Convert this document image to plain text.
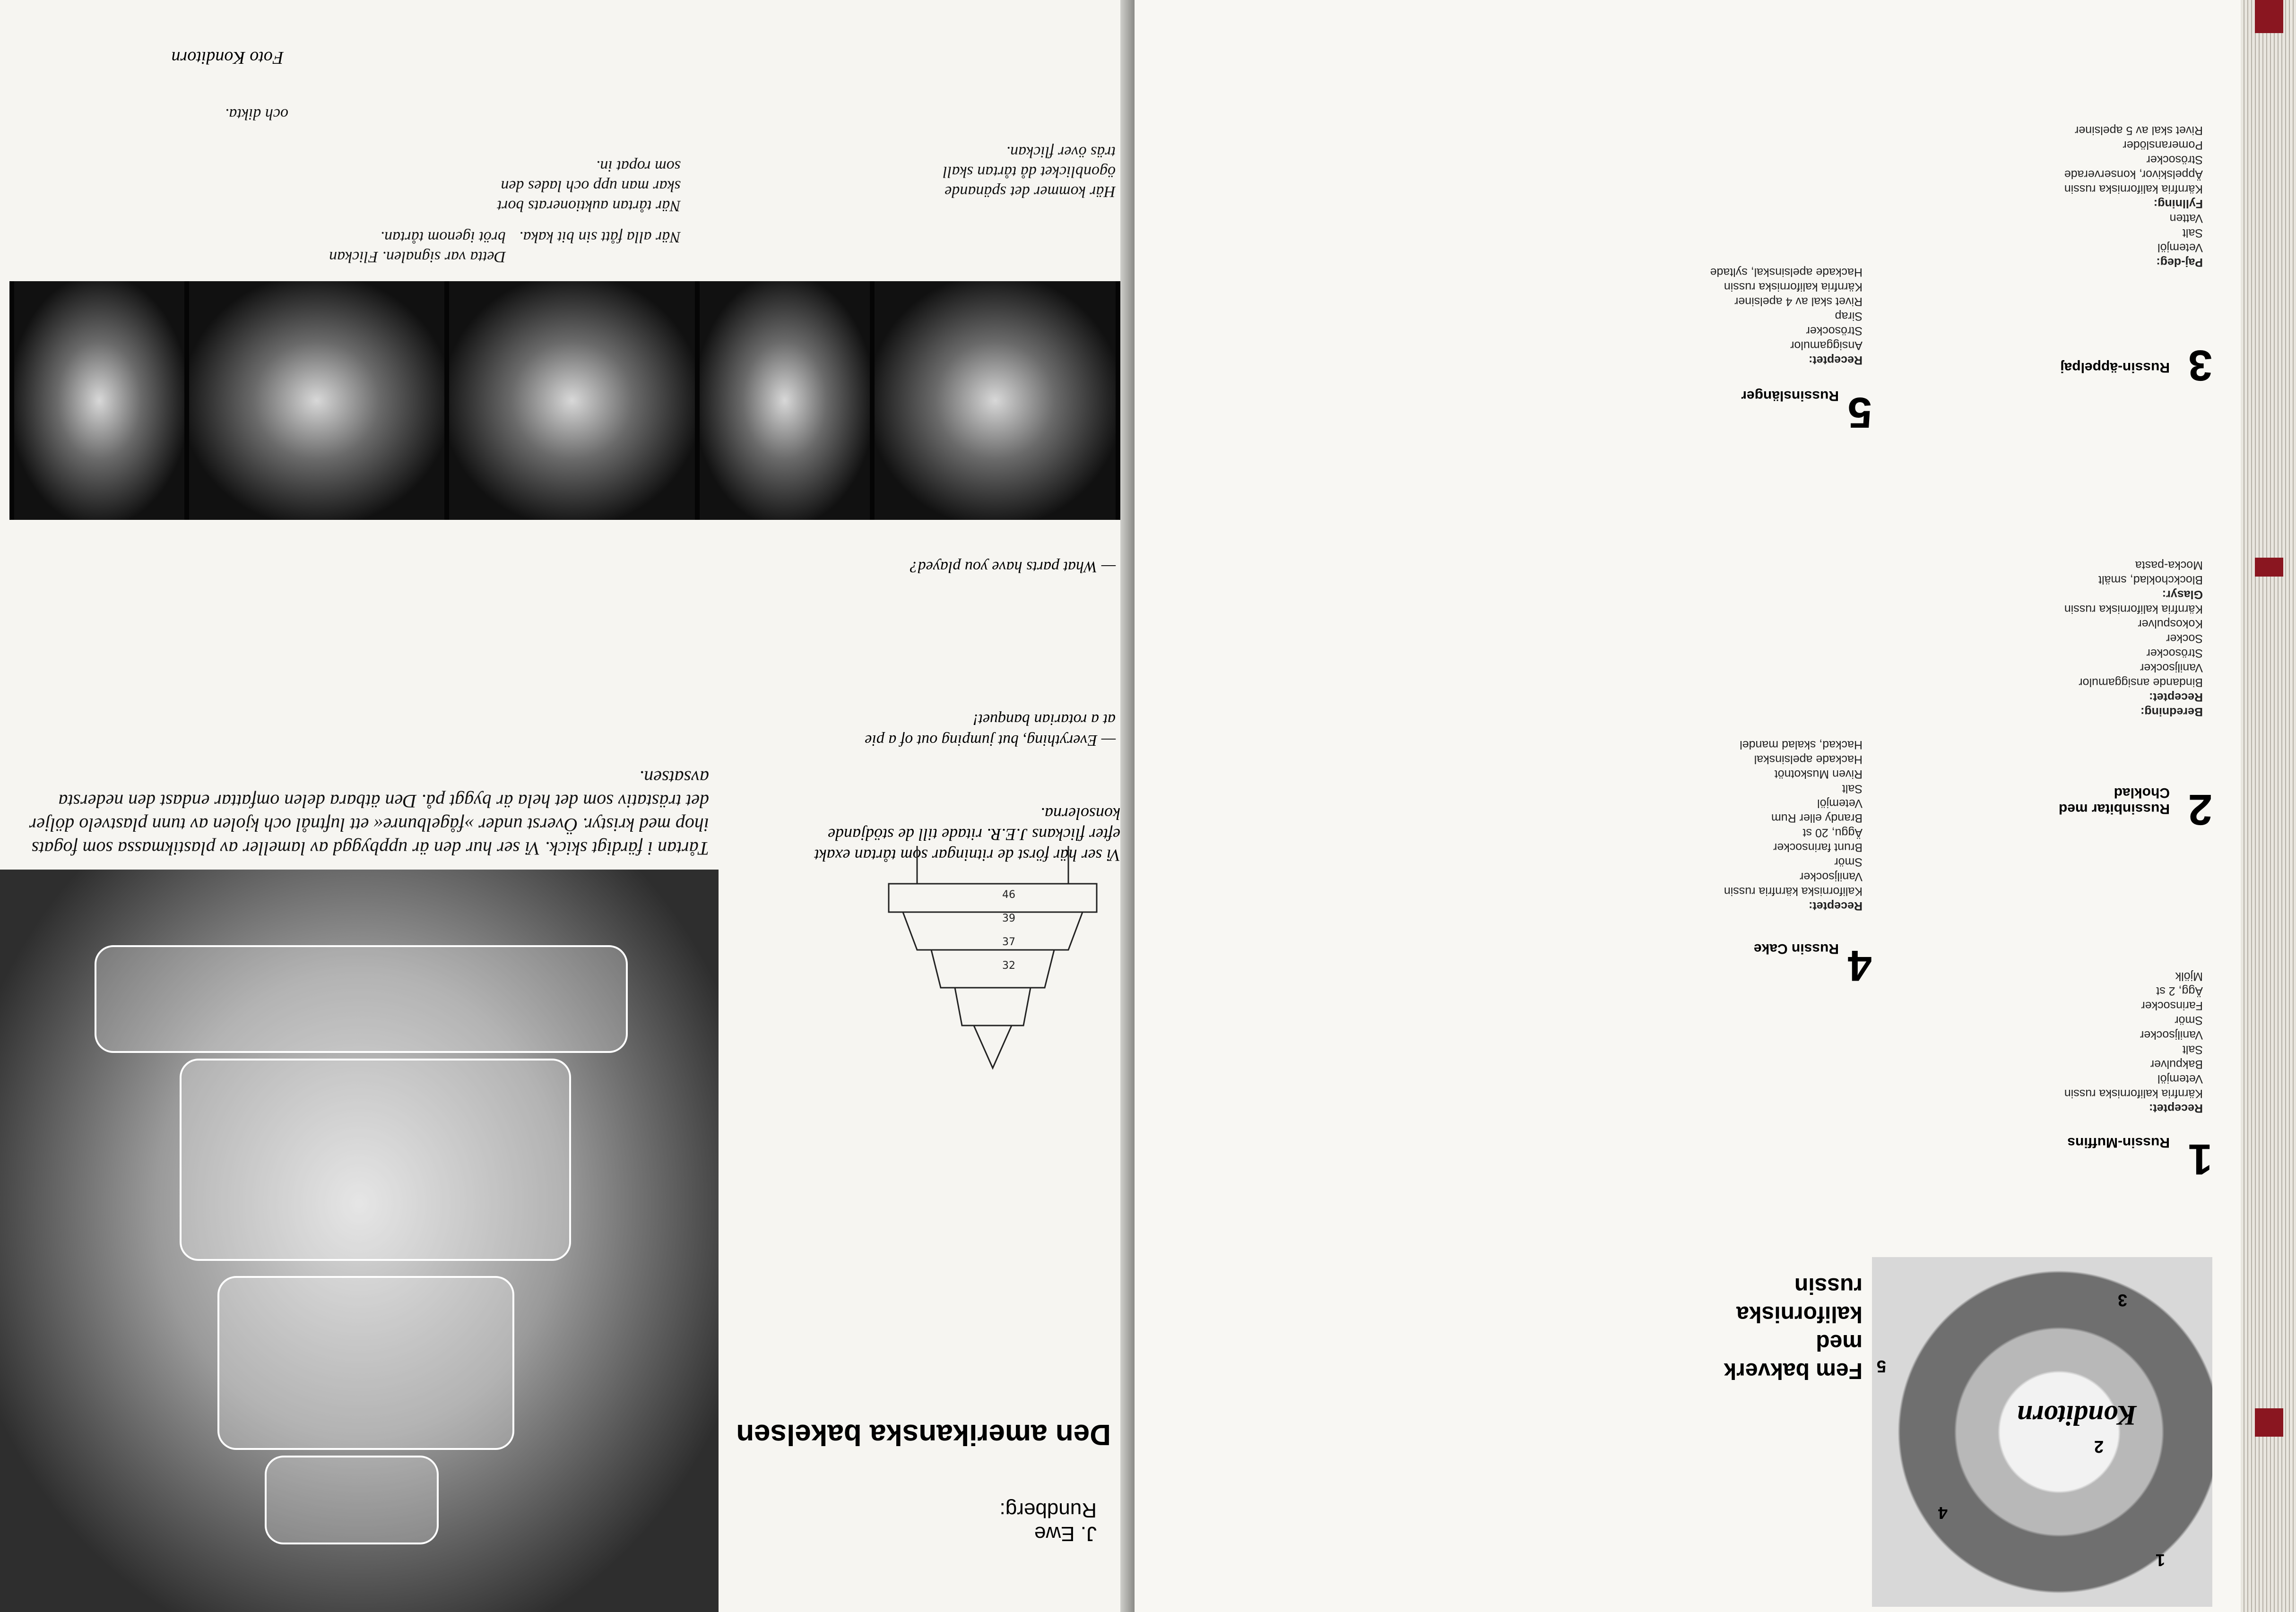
Tårtan i färdigt skick. Vi ser hur den är uppbyggd av lameller av plastikmassa som fogats ihop med kristyr. Överst under »fågelbunre« ett luftnål och kjolen av tunn plastvelo döljer det trästativ som det hela är byggt på. Den ätbara delen omfattar endast den nedersta avsatsen.
Den amerikanska bakelsen
J. Ewe Rundberg:
Vi ser här först de ritningar som tårtan exakt efter flickans J.E.R. ritade till de stödjande konsolerna.
46
39
37
32
Här kommer det spänande ögonblicket då tårtan skall träs över flickan.
När tårtan auktionerats bort skar man upp och lades den som ropat in.
När alla fått sin bit kaka.
Detta var signalen. Flickan bröt igenom tårtan.
och dikta.
Foto Konditorn
— What parts have you played?
— Everything, but jumping out of a pie at a rotarian banquet!
Konditorn
1
2
3
4
5
Fem bakverk med kaliforniska russin
1
Russin-Muffins

Receptet:

Kärnfria kaliforniska russin

Vetemjöl

Bakpulver

Salt

Vaniljsocker

Smör

Farinsocker

Ägg, 2 st

Mjölk

2
Russinbitar med Choklad

Beredning:

Receptet:

Bindande ansiggamulor

Vaniljsocker

Strösocker

Socker

Kokospulver

Kärnfria kaliforniska russin

Glasyr:

Blockchoklad, smält

Mocka-pasta

3
Russin-äppelpaj

Paj-deg:

Vetemjöl

Salt

Vatten

Fyllning:

Kärnfria kaliforniska russin

Äppelskivor, konserverade

Strösocker

Pomeranslöder

Rivet skal av 5 apelsiner

4
Russin Cake

Receptet:

Kaliforniska kärnfria russin

Vaniljsocker

Smör

Brunt farinsocker

Äggu, 20 st

Brandy eller Rum

Vetemjöl

Salt

Riven Muskotnöt

Hackade apelsinskal

Hackad, skalad mandel

5
Russinslänger

Receptet:

Ansiggamulor

Strösocker

Sirap

Rivet skal av 4 apelsiner

Kärnfria kaliforniska russin

Hackade apelsinskal, syltade
